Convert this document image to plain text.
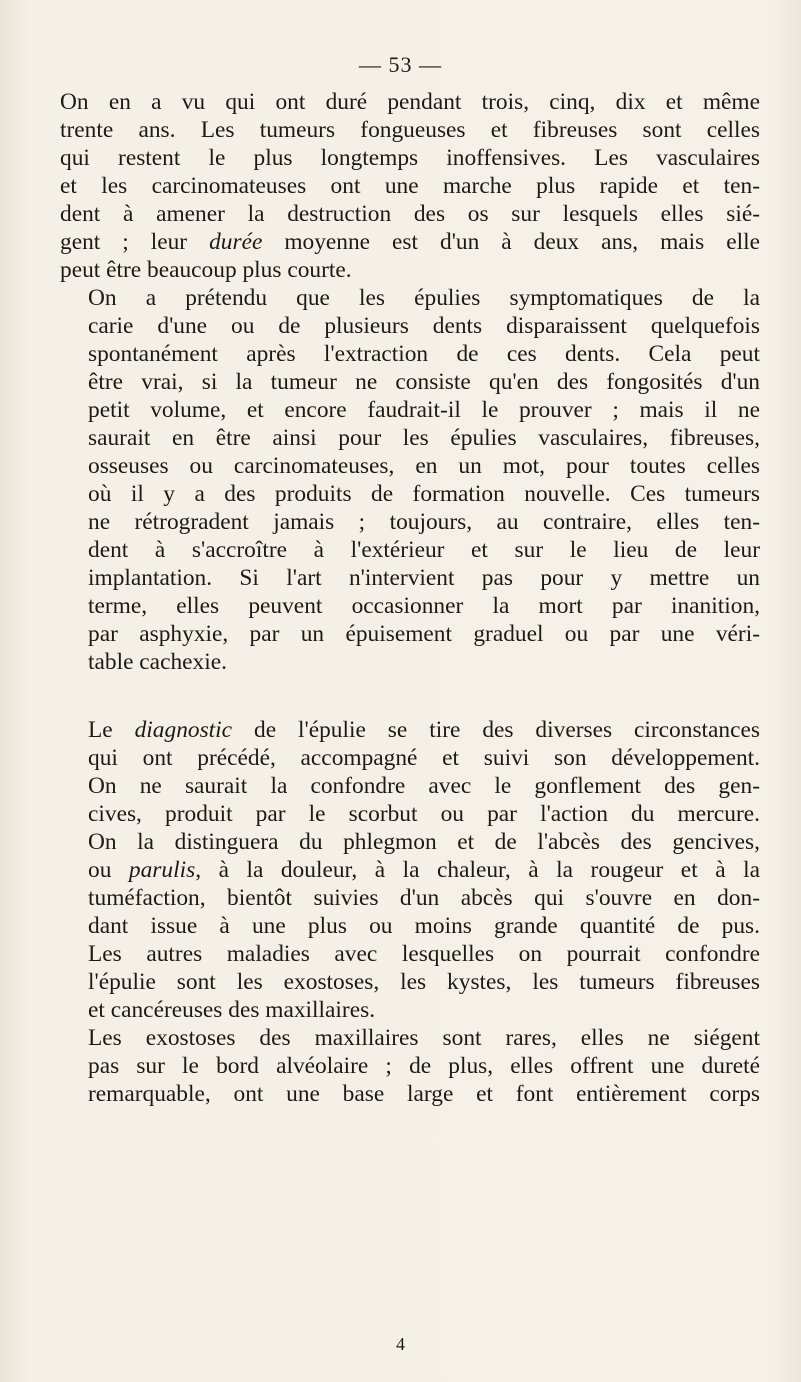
— 53 —

On en a vu qui ont duré pendant trois, cinq, dix et même
trente ans. Les tumeurs fongueuses et fibreuses sont celles
qui restent le plus longtemps inoffensives. Les vasculaires
et les carcinomateuses ont une marche plus rapide et ten-
dent à amener la destruction des os sur lesquels elles sié-
gent ; leur durée moyenne est d'un à deux ans, mais elle
peut être beaucoup plus courte.

On a prétendu que les épulies symptomatiques de la
carie d'une ou de plusieurs dents disparaissent quelquefois
spontanément après l'extraction de ces dents. Cela peut
être vrai, si la tumeur ne consiste qu'en des fongosités d'un
petit volume, et encore faudrait-il le prouver ; mais il ne
saurait en être ainsi pour les épulies vasculaires, fibreuses,
osseuses ou carcinomateuses, en un mot, pour toutes celles
où il y a des produits de formation nouvelle. Ces tumeurs
ne rétrogradent jamais ; toujours, au contraire, elles ten-
dent à s'accroître à l'extérieur et sur le lieu de leur
implantation. Si l'art n'intervient pas pour y mettre un
terme, elles peuvent occasionner la mort par inanition,
par asphyxie, par un épuisement graduel ou par une véri-
table cachexie.

Le diagnostic de l'épulie se tire des diverses circonstances
qui ont précédé, accompagné et suivi son développement.
On ne saurait la confondre avec le gonflement des gen-
cives, produit par le scorbut ou par l'action du mercure.
On la distinguera du phlegmon et de l'abcès des gencives,
ou parulis, à la douleur, à la chaleur, à la rougeur et à la
tuméfaction, bientôt suivies d'un abcès qui s'ouvre en don-
dant issue à une plus ou moins grande quantité de pus.
Les autres maladies avec lesquelles on pourrait confondre
l'épulie sont les exostoses, les kystes, les tumeurs fibreuses
et cancéreuses des maxillaires.

Les exostoses des maxillaires sont rares, elles ne siégent
pas sur le bord alvéolaire ; de plus, elles offrent une dureté
remarquable, ont une base large et font entièrement corps

4
